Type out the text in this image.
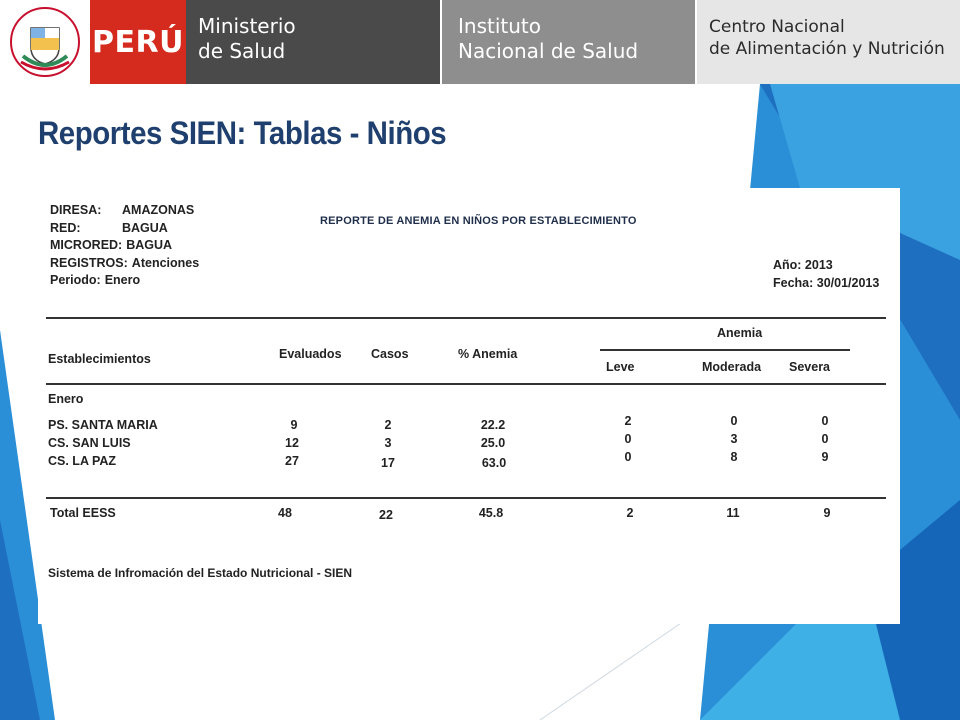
PERÚ Ministerio
de Salud
Instituto
Nacional de Salud
Centro Nacional
de Alimentación y Nutrición
Reportes SIEN: Tablas - Niños
DIRESA:	AMAZONAS
RED:	BAGUA
MICRORED: BAGUA
REGISTROS: Atenciones
Periodo: Enero
REPORTE DE ANEMIA EN NIÑOS POR ESTABLECIMIENTO
Año: 2013
Fecha: 30/01/2013
Establecimientos	Evaluados Casos	% Anemia
Anemia
Leve	Moderada Severa
Enero
PS. SANTA MARIA	9	2	22.2	2	0	0
CS. SAN LUIS	12	3	25.0	0	3	0
CS. LA PAZ	27	17	63.0	0	8	9
Total EESS	48	22	45.8	2	11	9
Sistema de Infromación del Estado Nutricional - SIEN
